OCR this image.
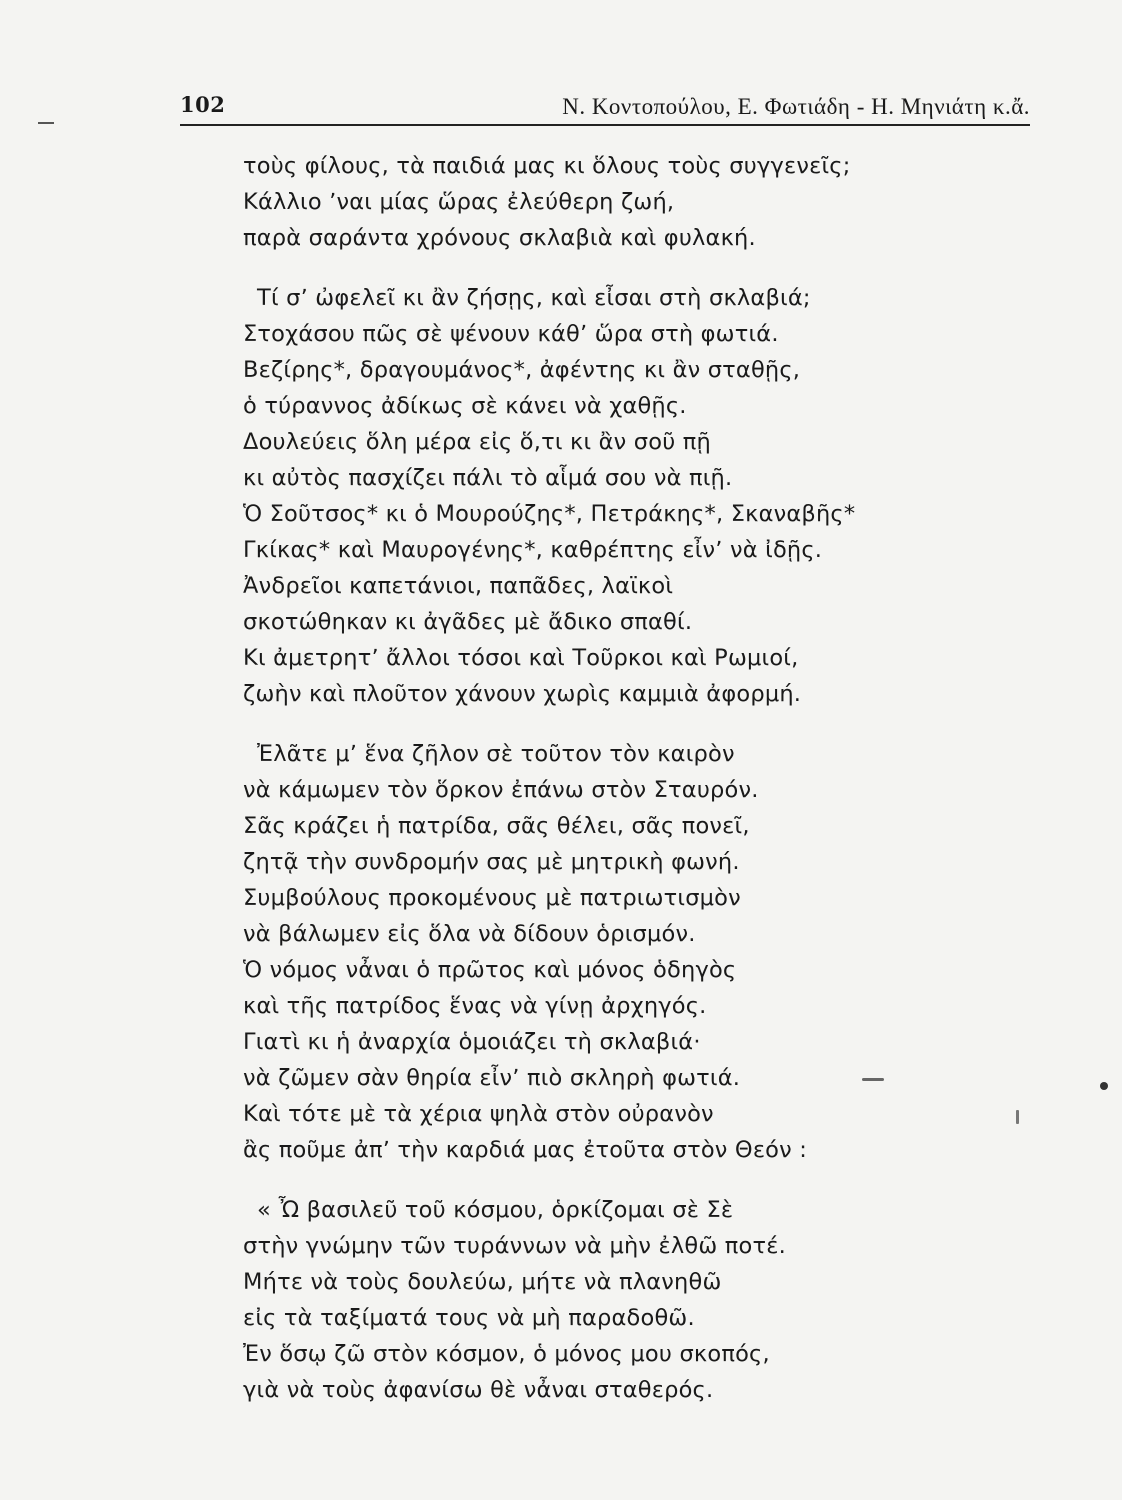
102	Ν. Κοντοπούλου, Ε. Φωτιάδη - Η. Μηνιάτη κ.ἄ.
τοὺς φίλους, τὰ παιδιά μας κι ὅλους τοὺς συγγενεῖς;
Κάλλιο ʼναι μίας ὥρας ἐλεύθερη ζωή,
παρὰ σαράντα χρόνους σκλαβιὰ καὶ φυλακή.
Τί σʼ ὠφελεῖ κι ἂν ζήσῃς, καὶ εἶσαι στὴ σκλαβιά;
Στοχάσου πῶς σὲ ψένουν κάθʼ ὥρα στὴ φωτιά.
Βεζίρης*, δραγουμάνος*, ἀφέντης κι ἂν σταθῇς,
ὁ τύραννος ἀδίκως σὲ κάνει νὰ χαθῇς.
Δουλεύεις ὅλη μέρα εἰς ὅ,τι κι ἂν σοῦ πῇ
κι αὐτὸς πασχίζει πάλι τὸ αἷμά σου νὰ πιῇ.
Ὁ Σοῦτσος* κι ὁ Μουρούζης*, Πετράκης*, Σκαναβῆς*
Γκίκας* καὶ Μαυρογένης*, καθρέπτης εἶνʼ νὰ ἰδῇς.
Ἀνδρεῖοι καπετάνιοι, παπᾶδες, λαϊκοὶ
σκοτώθηκαν κι ἀγᾶδες μὲ ἄδικο σπαθί.
Κι ἀμετρητʼ ἄλλοι τόσοι καὶ Τοῦρκοι καὶ Ρωμιοί,
ζωὴν καὶ πλοῦτον χάνουν χωρὶς καμμιὰ ἀφορμή.
Ἐλᾶτε μʼ ἕνα ζῆλον σὲ τοῦτον τὸν καιρὸν
νὰ κάμωμεν τὸν ὅρκον ἐπάνω στὸν Σταυρόν.
Σᾶς κράζει ἡ πατρίδα, σᾶς θέλει, σᾶς πονεῖ,
ζητᾷ τὴν συνδρομήν σας μὲ μητρικὴ φωνή.
Συμβούλους προκομένους μὲ πατριωτισμὸν
νὰ βάλωμεν εἰς ὅλα νὰ δίδουν ὁρισμόν.
Ὁ νόμος νἆναι ὁ πρῶτος καὶ μόνος ὁδηγὸς
καὶ τῆς πατρίδος ἕνας νὰ γίνῃ ἀρχηγός.
Γιατὶ κι ἡ ἀναρχία ὁμοιάζει τὴ σκλαβιά·
νὰ ζῶμεν σὰν θηρία εἶνʼ πιὸ σκληρὴ φωτιά.
Καὶ τότε μὲ τὰ χέρια ψηλὰ στὸν οὐρανὸν
ἂς ποῦμε ἀπʼ τὴν καρδιά μας ἐτοῦτα στὸν Θεόν :
« Ὦ βασιλεῦ τοῦ κόσμου, ὁρκίζομαι σὲ Σὲ
στὴν γνώμην τῶν τυράννων νὰ μὴν ἐλθῶ ποτέ.
Μήτε νὰ τοὺς δουλεύω, μήτε νὰ πλανηθῶ
εἰς τὰ ταξίματά τους νὰ μὴ παραδοθῶ.
Ἐν ὅσῳ ζῶ στὸν κόσμον, ὁ μόνος μου σκοπός,
γιὰ νὰ τοὺς ἀφανίσω θὲ νἆναι σταθερός.
